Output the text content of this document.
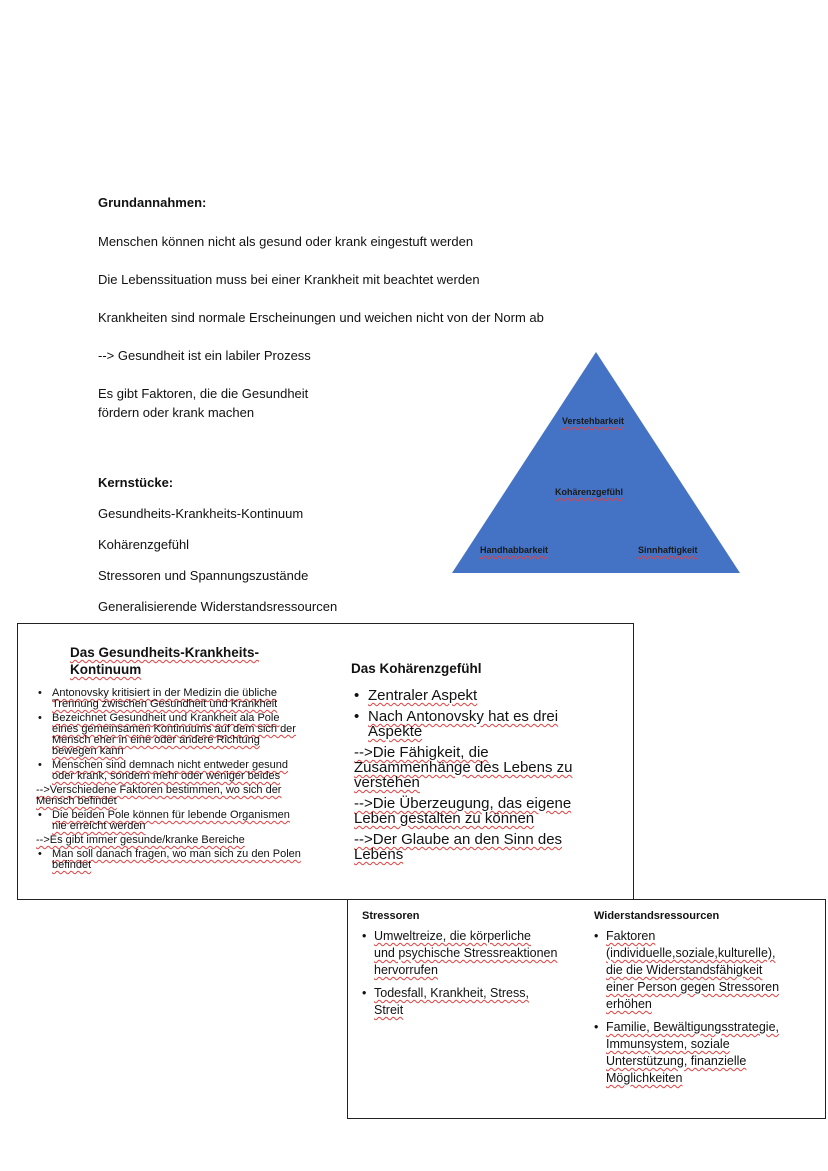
Grundannahmen:
Menschen können nicht als gesund oder krank eingestuft werden
Die Lebenssituation muss bei einer Krankheit mit beachtet werden
Krankheiten sind normale Erscheinungen und weichen nicht von der Norm ab
--> Gesundheit ist ein labiler Prozess
Es gibt Faktoren, die die Gesundheit
fördern oder krank machen
Kernstücke:
Gesundheits-Krankheits-Kontinuum
Kohärenzgefühl
Stressoren und Spannungszustände
Generalisierende Widerstandsressourcen
Verstehbarkeit
Kohärenzgefühl
Handhabbarkeit	Sinnhaftigkeit
Das Gesundheits-Krankheits-
Kontinuum
• Antonovsky kritisiert in der Medizin die übliche
Trennung zwischen Gesundheit und Krankheit
• Bezeichnet Gesundheit und Krankheit ala Pole
eines gemeinsamen Kontinuums auf dem sich der
Mensch eher in eine oder andere Richtung
bewegen kann
• Menschen sind demnach nicht entweder gesund
oder krank, sondern mehr oder weniger beides
-->Verschiedene Faktoren bestimmen, wo sich der
Mensch befindet
• Die beiden Pole können für lebende Organismen
nie erreicht werden
-->Es gibt immer gesunde/kranke Bereiche
• Man soll danach fragen, wo man sich zu den Polen
befindet
Das Kohärenzgefühl
• Zentraler Aspekt
• Nach Antonovsky hat es drei
Aspekte
-->Die Fähigkeit, die
Zusammenhänge des Lebens zu
verstehen
-->Die Überzeugung, das eigene
Leben gestalten zu können
-->Der Glaube an den Sinn des
Lebens
Stressoren
• Umweltreize, die körperliche
und psychische Stressreaktionen
hervorrufen
• Todesfall, Krankheit, Stress,
Streit
Widerstandsressourcen
• Faktoren
(individuelle,soziale,kulturelle),
die die Widerstandsfähigkeit
einer Person gegen Stressoren
erhöhen
• Familie, Bewältigungsstrategie,
Immunsystem, soziale
Unterstützung, finanzielle
Möglichkeiten
